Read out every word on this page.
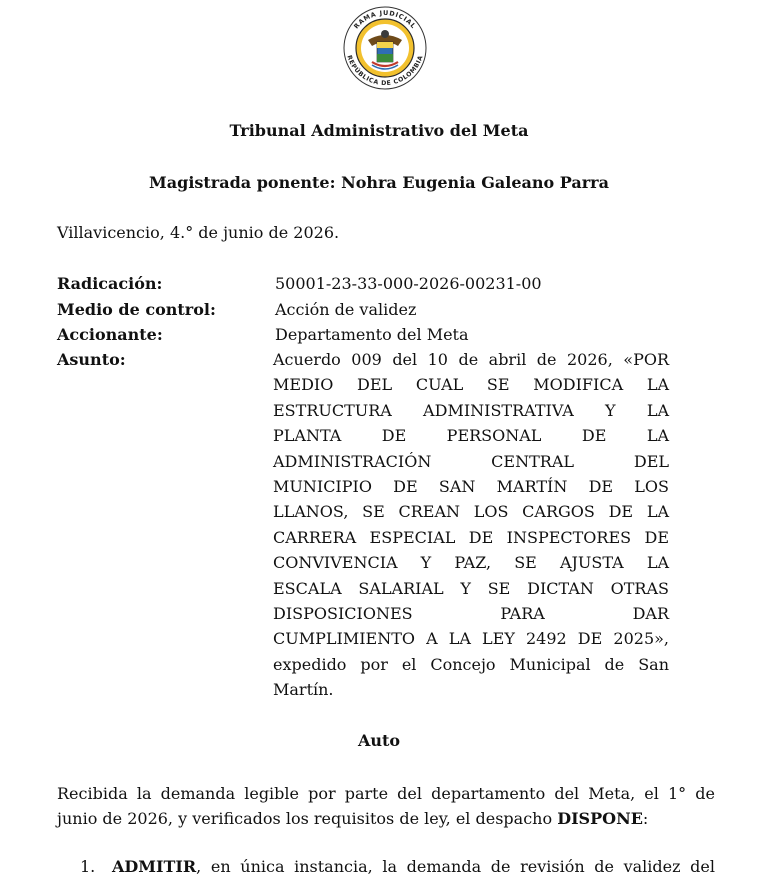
RAMA JUDICIAL
REPÚBLICA DE COLOMBIA
Tribunal Administrativo del Meta
Magistrada ponente: Nohra Eugenia Galeano Parra
Villavicencio, 4.° de junio de 2026.
Radicación:	50001-23-33-000-2026-00231-00
Medio de control:	Acción de validez
Accionante:	Departamento del Meta
Asunto:	Acuerdo 009 del 10 de abril de 2026, «POR
MEDIO DEL CUAL SE MODIFICA LA
ESTRUCTURA ADMINISTRATIVA Y LA
PLANTA DE PERSONAL DE LA
ADMINISTRACIÓN CENTRAL DEL
MUNICIPIO DE SAN MARTÍN DE LOS
LLANOS, SE CREAN LOS CARGOS DE LA
CARRERA ESPECIAL DE INSPECTORES DE
CONVIVENCIA Y PAZ, SE AJUSTA LA
ESCALA SALARIAL Y SE DICTAN OTRAS
DISPOSICIONES PARA DAR
CUMPLIMIENTO A LA LEY 2492 DE 2025»,
expedido por el Concejo Municipal de San
Martín.
Auto
Recibida la demanda legible por parte del departamento del Meta, el 1° de
junio de 2026, y verificados los requisitos de ley, el despacho DISPONE:
1. ADMITIR, en única instancia, la demanda de revisión de validez del
